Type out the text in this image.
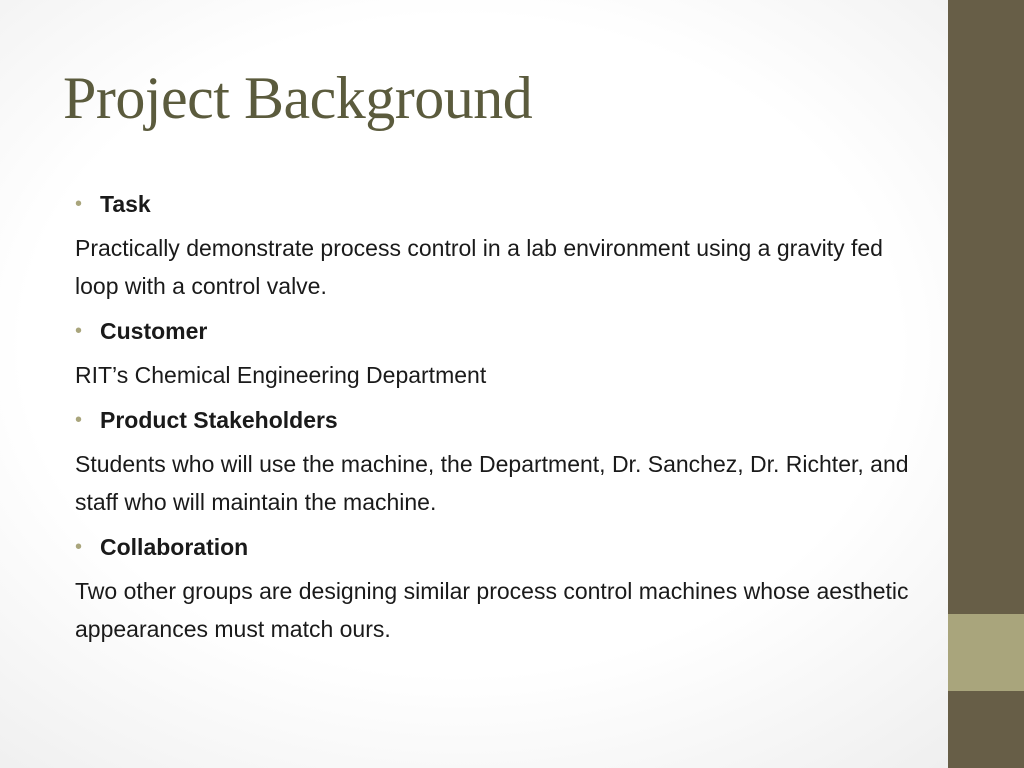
Project Background
• Task

Practically demonstrate process control in a lab environment using a gravity fed loop with a control valve.

• Customer

RIT’s Chemical Engineering Department

• Product Stakeholders

Students who will use the machine, the Department, Dr. Sanchez, Dr. Richter, and staff who will maintain the machine.

• Collaboration

Two other groups are designing similar process control machines whose aesthetic appearances must match ours.
